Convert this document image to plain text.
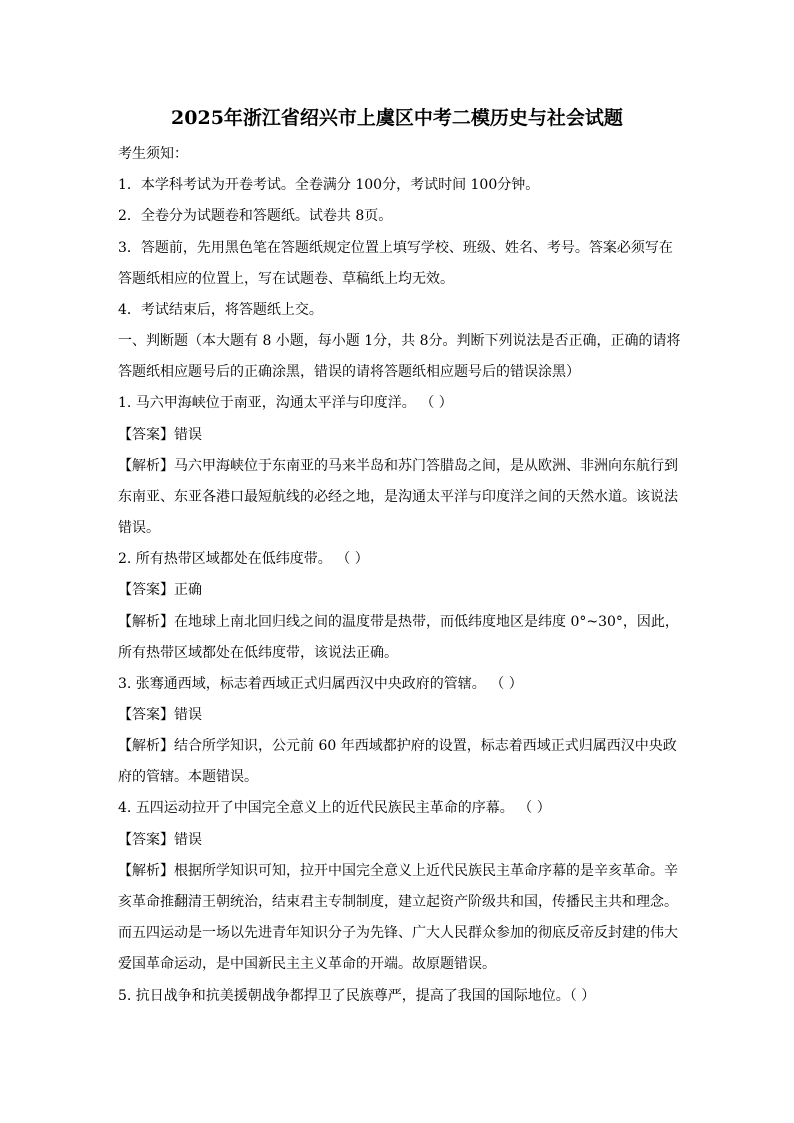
2025年浙江省绍兴市上虞区中考二模历史与社会试题
考生须知：
1．本学科考试为开卷考试。全卷满分 100分，考试时间 100分钟。
2．全卷分为试题卷和答题纸。试卷共 8页。
3．答题前，先用黑色笔在答题纸规定位置上填写学校、班级、姓名、考号。答案必须写在
答题纸相应的位置上，写在试题卷、草稿纸上均无效。
4．考试结束后，将答题纸上交。
一、判断题（本大题有 8 小题，每小题 1分，共 8分。判断下列说法是否正确，正确的请将
答题纸相应题号后的正确涂黑，错误的请将答题纸相应题号后的错误涂黑）
1. 马六甲海峡位于南亚，沟通太平洋与印度洋。 （ ）
【答案】错误
【解析】马六甲海峡位于东南亚的马来半岛和苏门答腊岛之间，是从欧洲、非洲向东航行到
东南亚、东亚各港口最短航线的必经之地，是沟通太平洋与印度洋之间的天然水道。该说法
错误。
2. 所有热带区域都处在低纬度带。 （ ）
【答案】正确
【解析】在地球上南北回归线之间的温度带是热带，而低纬度地区是纬度 0°~30°，因此，
所有热带区域都处在低纬度带，该说法正确。
3. 张骞通西域，标志着西域正式归属西汉中央政府的管辖。 （ ）
【答案】错误
【解析】结合所学知识，公元前 60 年西域都护府的设置，标志着西域正式归属西汉中央政
府的管辖。本题错误。
4. 五四运动拉开了中国完全意义上的近代民族民主革命的序幕。 （ ）
【答案】错误
【解析】根据所学知识可知，拉开中国完全意义上近代民族民主革命序幕的是辛亥革命。辛
亥革命推翻清王朝统治，结束君主专制制度，建立起资产阶级共和国，传播民主共和理念。
而五四运动是一场以先进青年知识分子为先锋、广大人民群众参加的彻底反帝反封建的伟大
爱国革命运动，是中国新民主主义革命的开端。故原题错误。
5. 抗日战争和抗美援朝战争都捍卫了民族尊严，提高了我国的国际地位。（ ）
